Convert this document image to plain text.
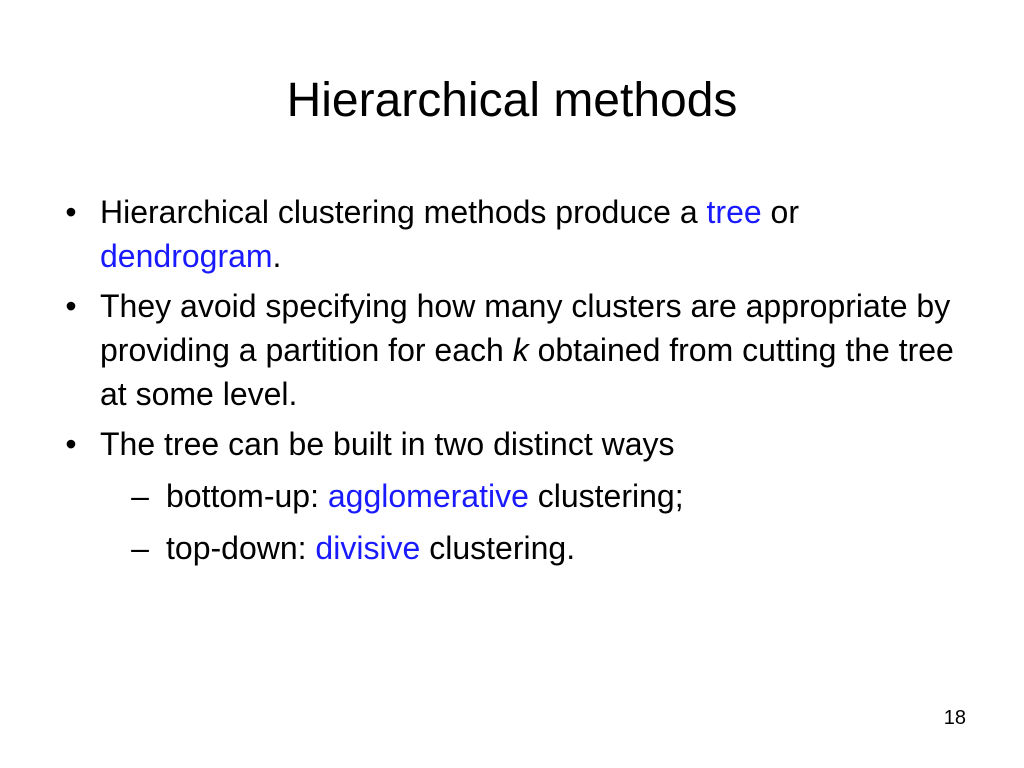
Hierarchical methods
• Hierarchical clustering methods produce a tree or dendrogram.
• They avoid specifying how many clusters are appropriate by providing a partition for each k obtained from cutting the tree at some level.
• The tree can be built in two distinct ways
– bottom-up: agglomerative clustering;
– top-down: divisive clustering.
18
